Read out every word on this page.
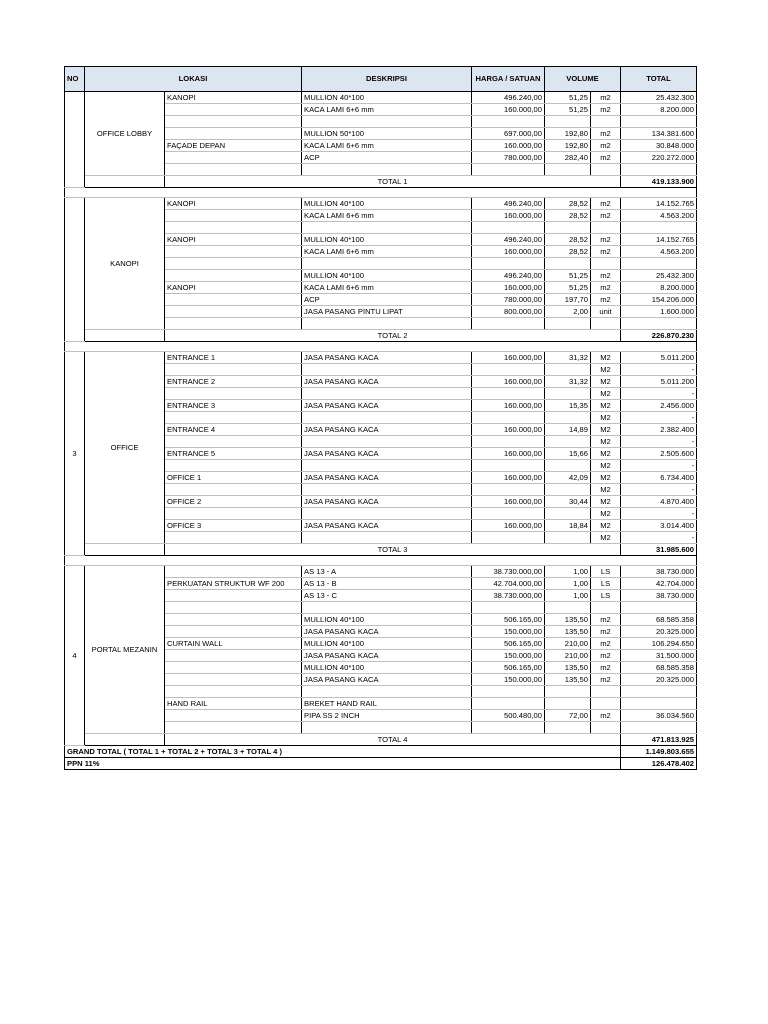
NO	LOKASI		DESKRIPSI	HARGA / SATUAN	VOLUME		TOTAL
	OFFICE LOBBY	KANOPI	MULLION 40*100	496.240,00	51,25	m2	25.432.300
			KACA LAMI 6+6 mm	160.000,00	51,25	m2	8.200.000

			MULLION 50*100	697.000,00	192,80	m2	134.381.600
		FAÇADE DEPAN	KACA LAMI 6+6 mm	160.000,00	192,80	m2	30.848.000
			ACP	780.000,00	282,40	m2	220.272.000

		TOTAL 1					419.133.900

	KANOPI	KANOPI	MULLION 40*100	496.240,00	28,52	m2	14.152.765
			KACA LAMI 6+6 mm	160.000,00	28,52	m2	4.563.200

		KANOPI	MULLION 40*100	496.240,00	28,52	m2	14.152.765
			KACA LAMI 6+6 mm	160.000,00	28,52	m2	4.563.200

			MULLION 40*100	496.240,00	51,25	m2	25.432.300
		KANOPI	KACA LAMI 6+6 mm	160.000,00	51,25	m2	8.200.000
			ACP	780.000,00	197,70	m2	154.206.000
			JASA PASANG PINTU LIPAT	800.000,00	2,00	unit	1.600.000

		TOTAL 2					226.870.230

3	OFFICE	ENTRANCE 1	JASA PASANG KACA	160.000,00	31,32	M2	5.011.200
						M2	-
		ENTRANCE 2	JASA PASANG KACA	160.000,00	31,32	M2	5.011.200
						M2	-
		ENTRANCE 3	JASA PASANG KACA	160.000,00	15,35	M2	2.456.000
						M2	-
		ENTRANCE 4	JASA PASANG KACA	160.000,00	14,89	M2	2.382.400
						M2	-
		ENTRANCE 5	JASA PASANG KACA	160.000,00	15,66	M2	2.505.600
						M2	-
		OFFICE 1	JASA PASANG KACA	160.000,00	42,09	M2	6.734.400
						M2	-
		OFFICE 2	JASA PASANG KACA	160.000,00	30,44	M2	4.870.400
						M2	-
		OFFICE 3	JASA PASANG KACA	160.000,00	18,84	M2	3.014.400
						M2	-
		TOTAL 3					31.985.600

4	PORTAL MEZANIN		AS 13 - A	38.730.000,00	1,00	LS	38.730.000
		PERKUATAN STRUKTUR WF 200	AS 13 - B	42.704.000,00	1,00	LS	42.704.000
			AS 13 - C	38.730.000,00	1,00	LS	38.730.000

			MULLION 40*100	506.165,00	135,50	m2	68.585.358
			JASA PASANG KACA	150.000,00	135,50	m2	20.325.000
		CURTAIN WALL	MULLION 40*100	506.165,00	210,00	m2	106.294.650
			JASA PASANG KACA	150.000,00	210,00	m2	31.500.000
			MULLION 40*100	506.165,00	135,50	m2	68.585.358
			JASA PASANG KACA	150.000,00	135,50	m2	20.325.000

		HAND RAIL	BREKET HAND RAIL				
			PIPA SS 2 INCH	500.480,00	72,00	m2	36.034.560

		TOTAL 4					471.813.925
GRAND TOTAL ( TOTAL 1 + TOTAL 2 + TOTAL 3 + TOTAL 4 )							1.149.803.655
PPN 11%							126.478.402
